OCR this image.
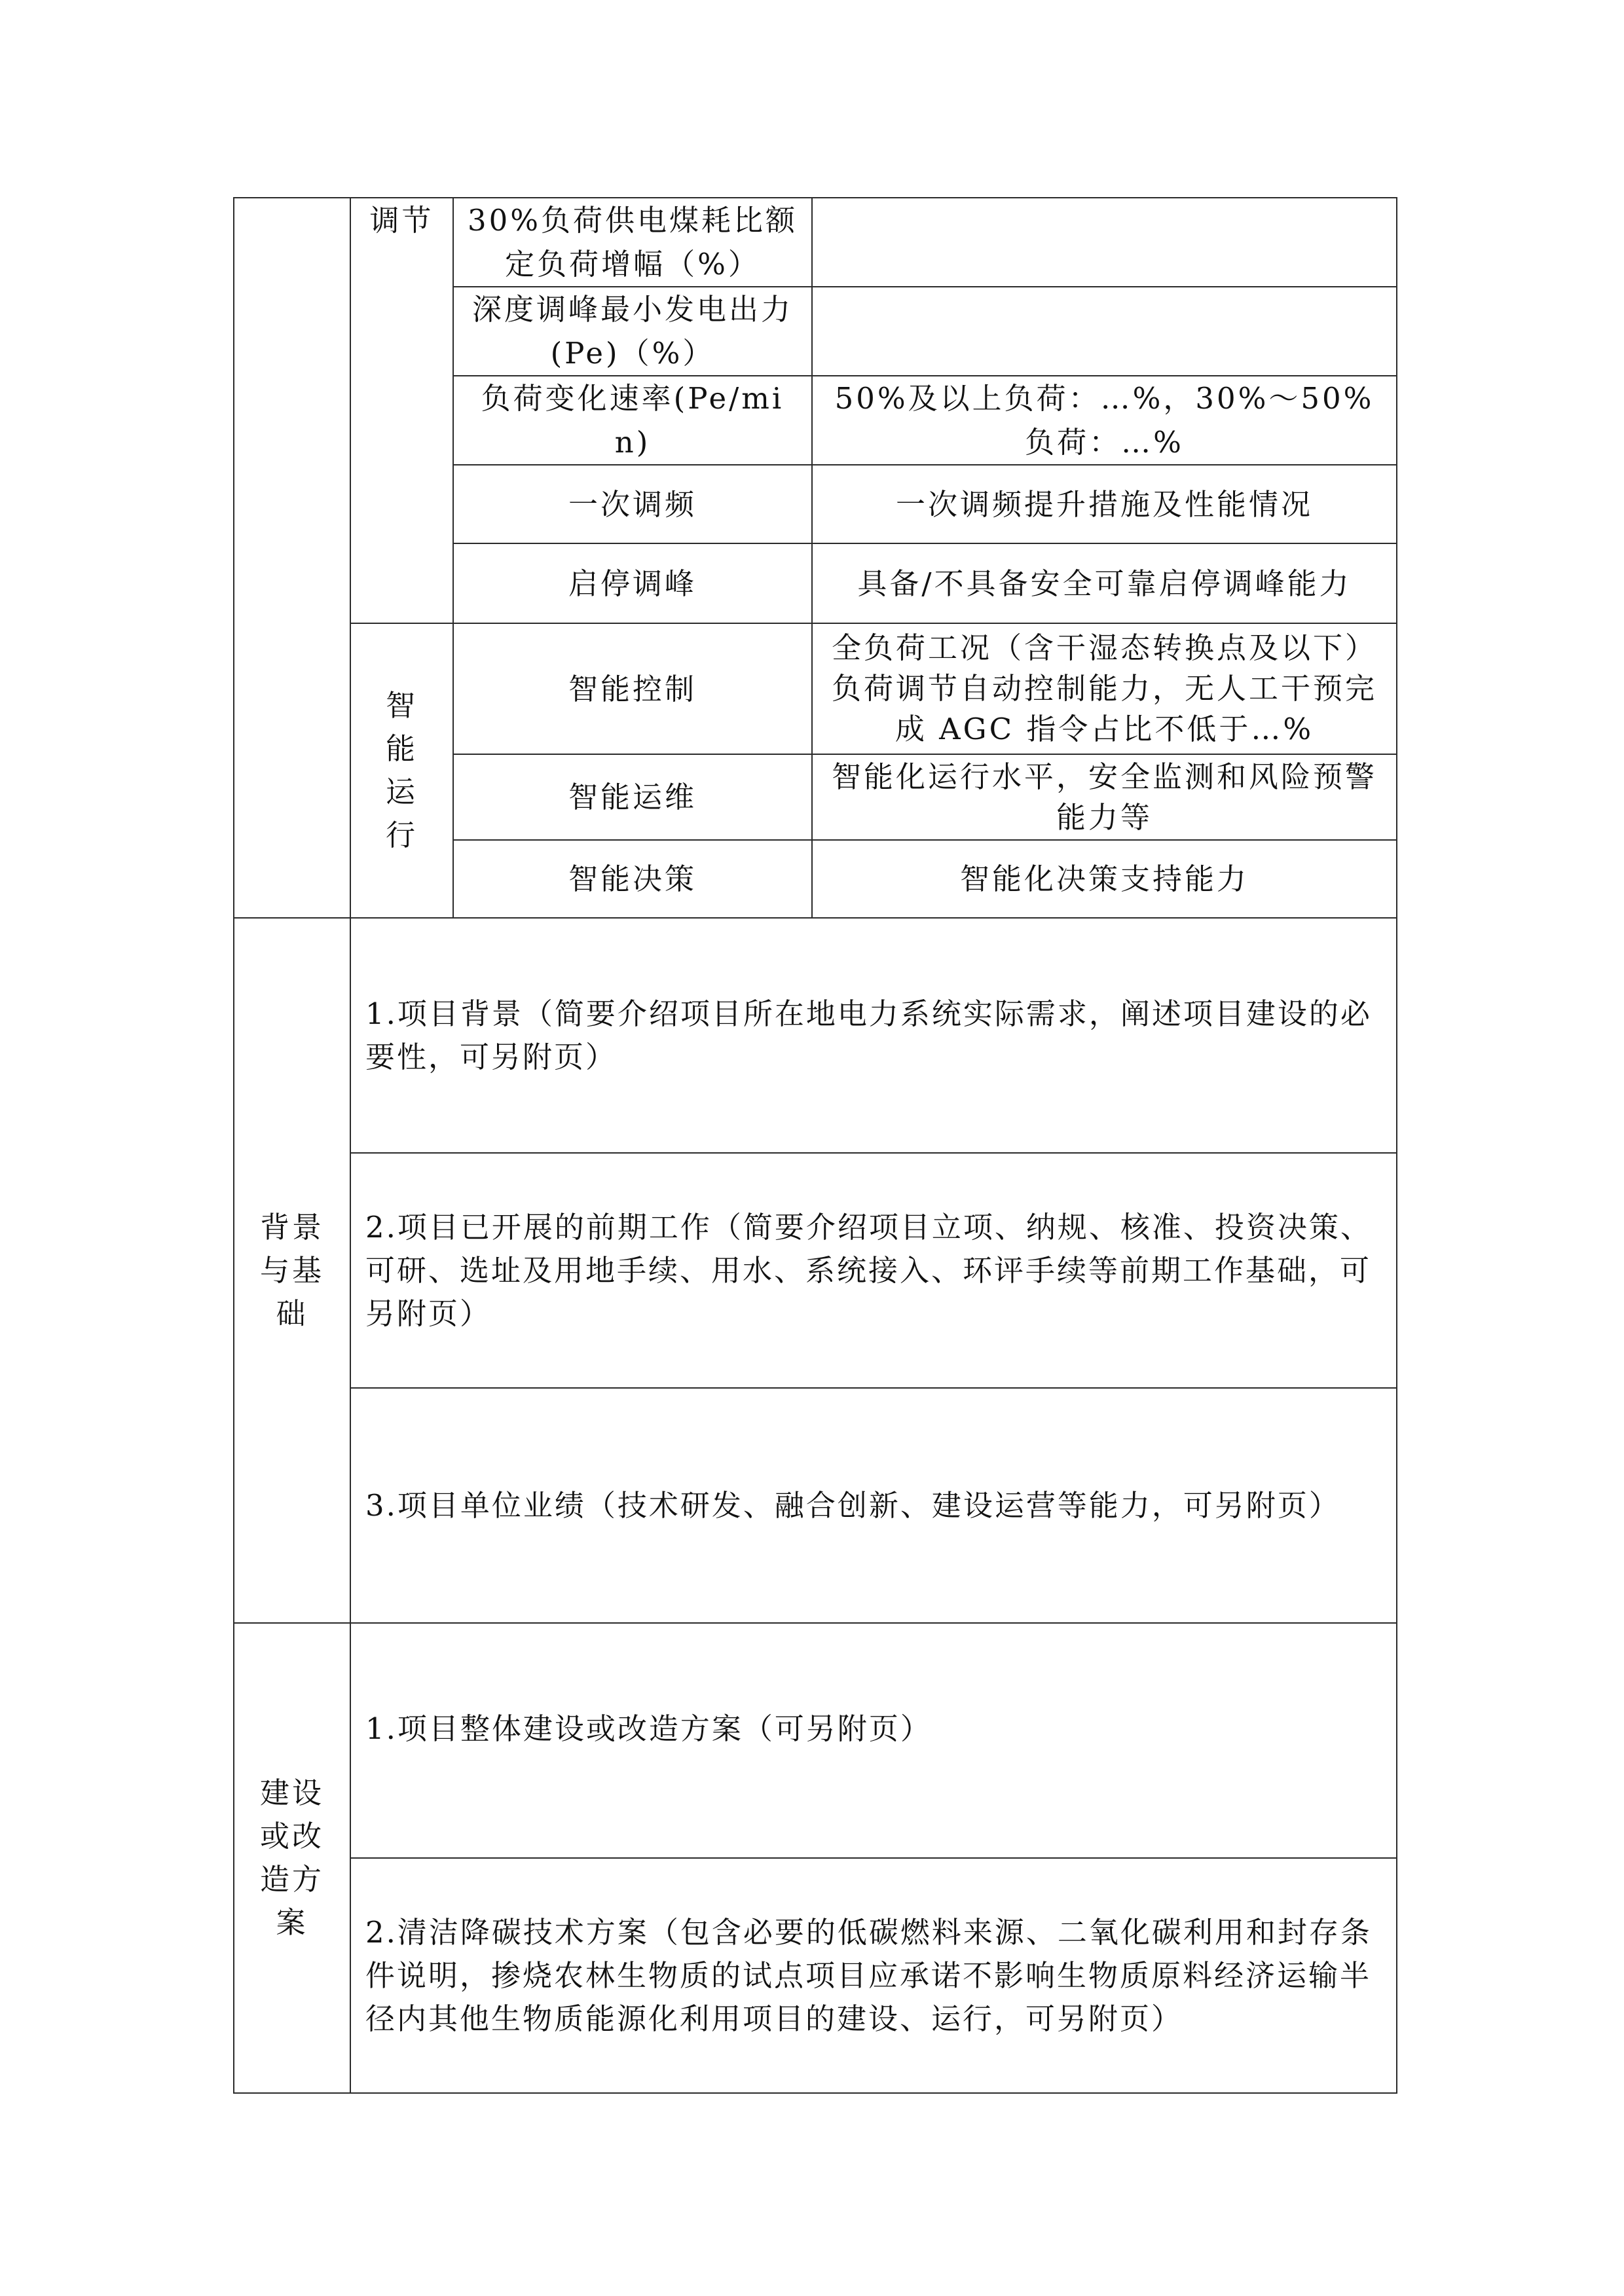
	调节	30%负荷供电煤耗比额定负荷增幅（%）	

		深度调峰最小发电出力(Pe)（%）	

		负荷变化速率(Pe/min)	50%及以上负荷：…%，30%～50%负荷：…%

		一次调频	一次调频提升措施及性能情况

		启停调峰	具备/不具备安全可靠启停调峰能力

	智能运行	智能控制	全负荷工况（含干湿态转换点及以下）负荷调节自动控制能力，无人工干预完成 AGC 指令占比不低于…%

		智能运维	智能化运行水平，安全监测和风险预警能力等

		智能决策	智能化决策支持能力

背景与基础	1.项目背景（简要介绍项目所在地电力系统实际需求，阐述项目建设的必要性，可另附页）		

	2.项目已开展的前期工作（简要介绍项目立项、纳规、核准、投资决策、可研、选址及用地手续、用水、系统接入、环评手续等前期工作基础，可另附页）		

	3.项目单位业绩（技术研发、融合创新、建设运营等能力，可另附页）		

建设或改造方案	1.项目整体建设或改造方案（可另附页）		

	2.清洁降碳技术方案（包含必要的低碳燃料来源、二氧化碳利用和封存条件说明，掺烧农林生物质的试点项目应承诺不影响生物质原料经济运输半径内其他生物质能源化利用项目的建设、运行，可另附页）		
